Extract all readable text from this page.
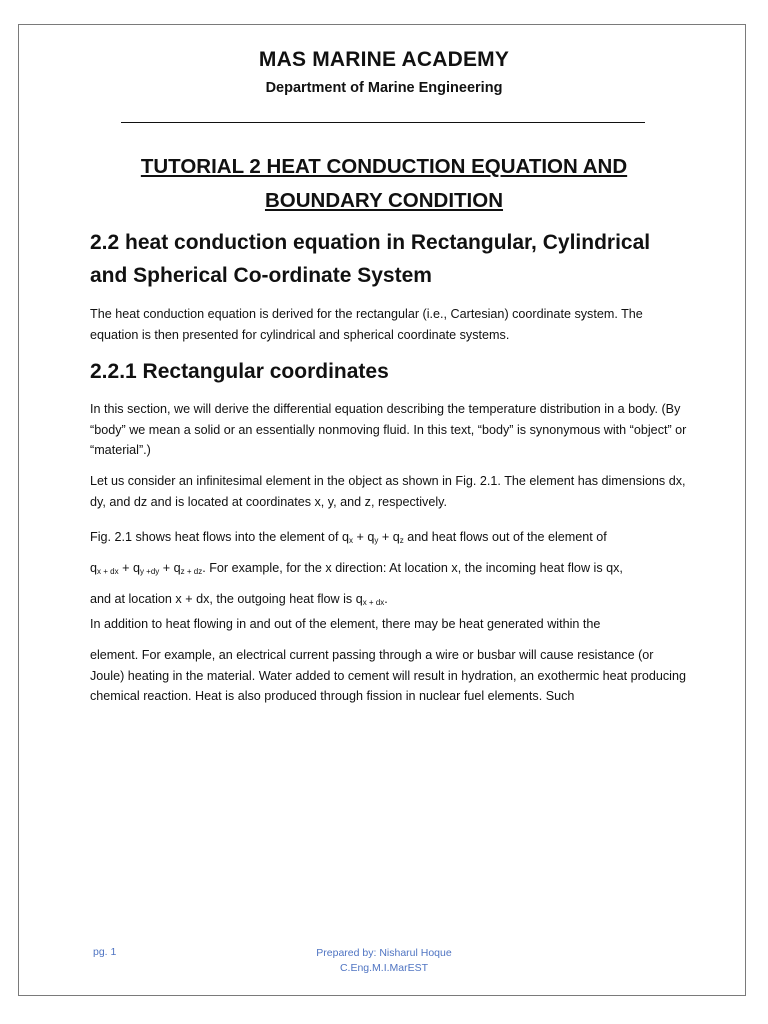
MAS MARINE ACADEMY
Department of Marine Engineering
TUTORIAL 2 HEAT CONDUCTION EQUATION AND
BOUNDARY CONDITION
2.2 heat conduction equation in Rectangular, Cylindrical
and Spherical Co-ordinate System
The heat conduction equation is derived for the rectangular (i.e., Cartesian) coordinate system. The equation is then presented for cylindrical and spherical coordinate systems.
2.2.1 Rectangular coordinates
In this section, we will derive the differential equation describing the temperature distribution in a body. (By “body” we mean a solid or an essentially nonmoving fluid. In this text, “body” is synonymous with “object” or “material”.)
Let us consider an infinitesimal element in the object as shown in Fig. 2.1. The element has dimensions dx, dy, and dz and is located at coordinates x, y, and z, respectively.
Fig. 2.1 shows heat flows into the element of $q_x + q_y + q_z$ and heat flows out of the element of
$q_{x + dx} + q_{y +dy} + q_{z + dz}$. For example, for the x direction: At location x, the incoming heat flow is qx,
and at location x + dx, the outgoing heat flow is $q_{x + dx}$.
In addition to heat flowing in and out of the element, there may be heat generated within the
element. For example, an electrical current passing through a wire or busbar will cause resistance (or Joule) heating in the material. Water added to cement will result in hydration, an exothermic heat producing chemical reaction. Heat is also produced through fission in nuclear fuel elements. Such
pg. 1	Prepared by: Nisharul Hoque
C.Eng.M.I.MarEST
